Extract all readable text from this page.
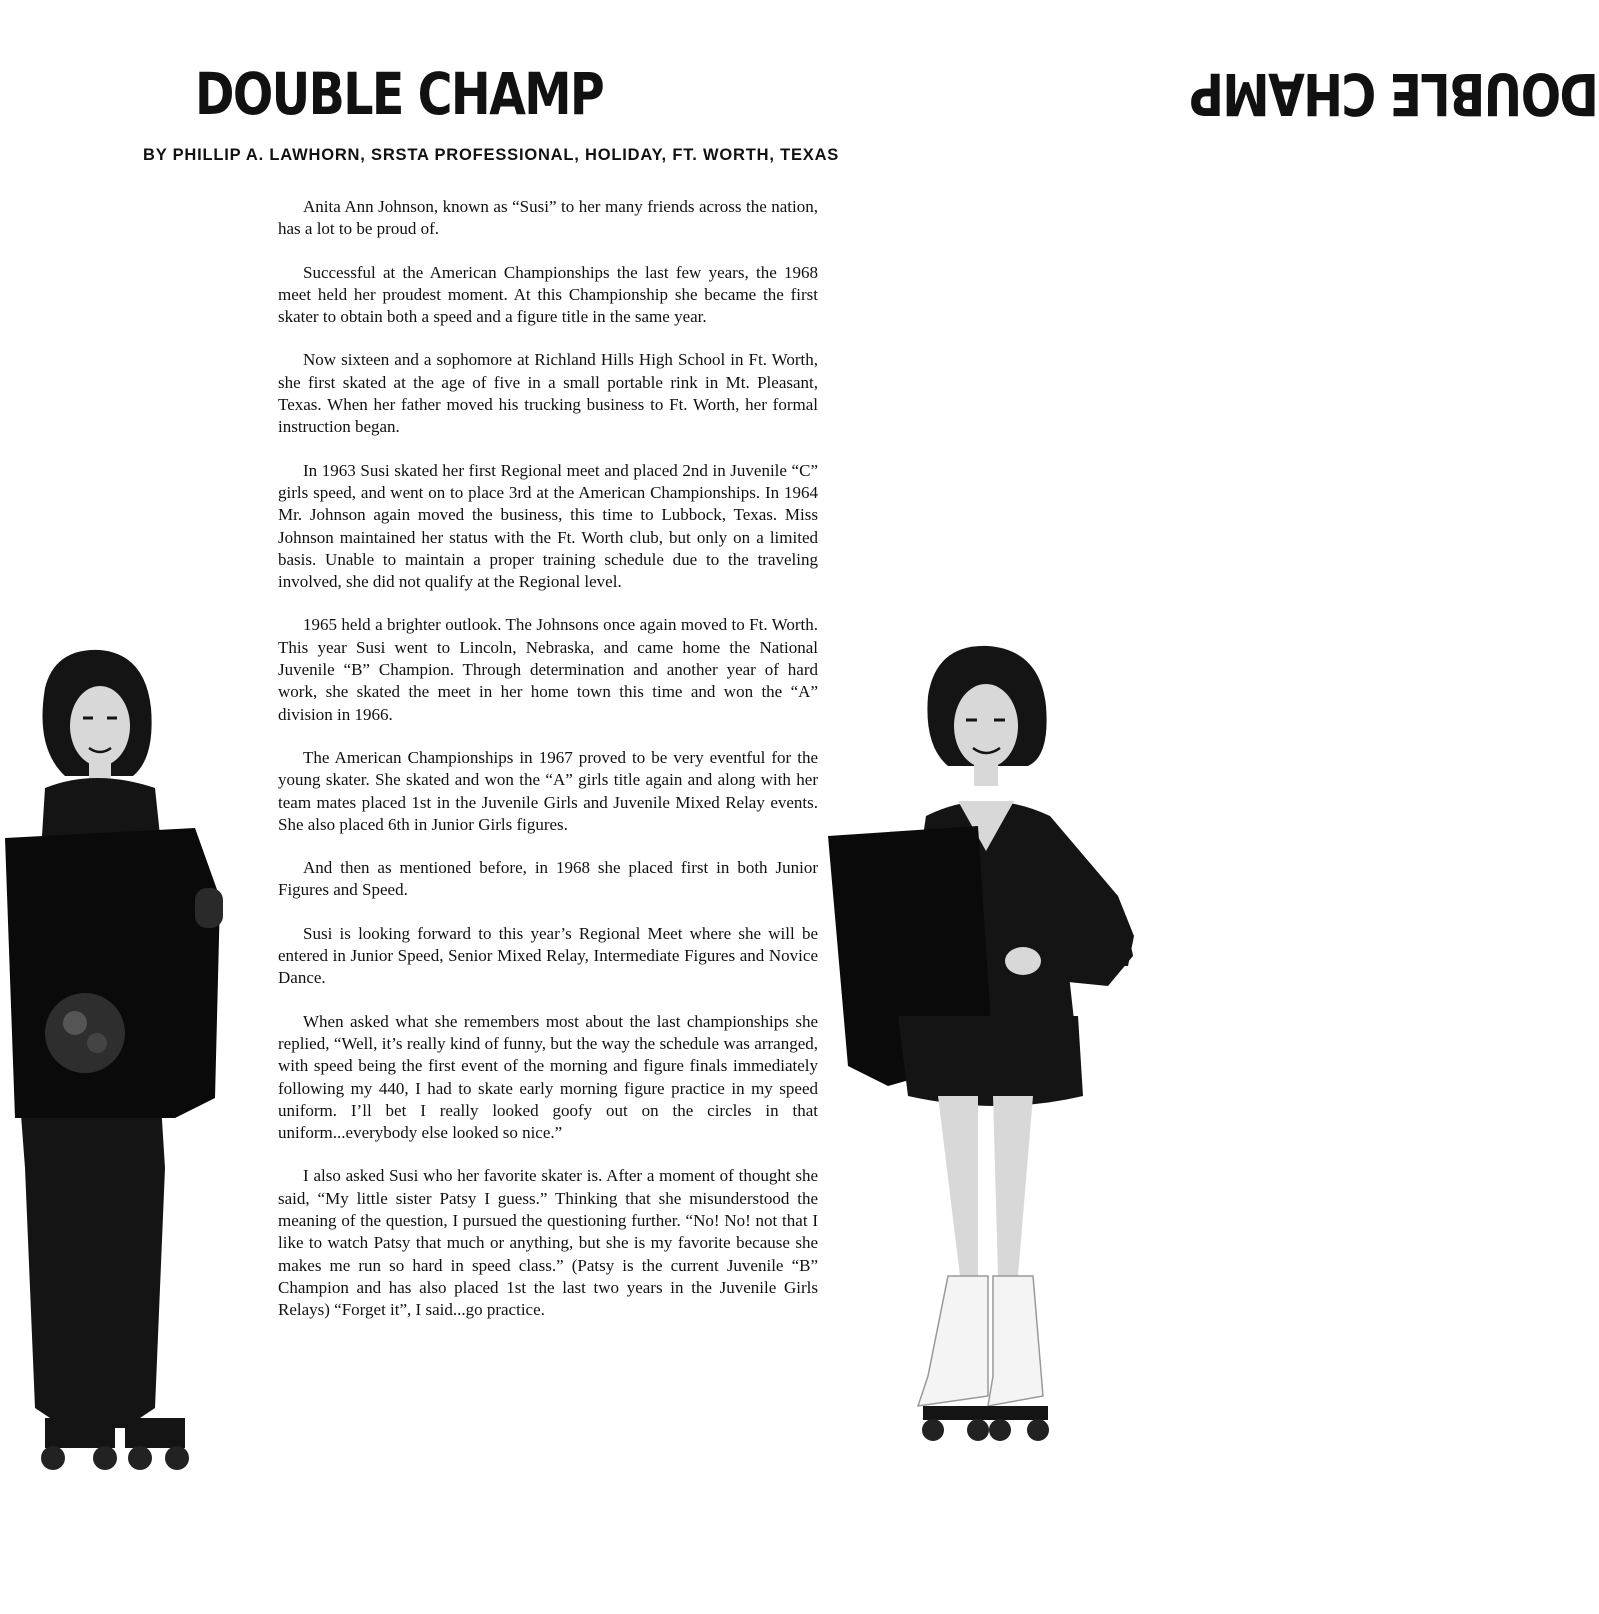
DOUBLE CHAMP	DOUBLE CHAMP
BY PHILLIP A. LAWHORN, SRSTA PROFESSIONAL, HOLIDAY, FT. WORTH, TEXAS

Anita Ann Johnson, known as “Susi” to her many friends across the nation, has a lot to be proud of.

Successful at the American Championships the last few years, the 1968 meet held her proudest moment. At this Championship she became the first skater to obtain both a speed and a figure title in the same year.

Now sixteen and a sophomore at Richland Hills High School in Ft. Worth, she first skated at the age of five in a small portable rink in Mt. Pleasant, Texas. When her father moved his trucking business to Ft. Worth, her formal instruction began.

In 1963 Susi skated her first Regional meet and placed 2nd in Juvenile “C” girls speed, and went on to place 3rd at the American Championships. In 1964 Mr. Johnson again moved the business, this time to Lubbock, Texas. Miss Johnson maintained her status with the Ft. Worth club, but only on a limited basis. Unable to maintain a proper training schedule due to the traveling involved, she did not qualify at the Regional level.

1965 held a brighter outlook. The Johnsons once again moved to Ft. Worth. This year Susi went to Lincoln, Nebraska, and came home the National Juvenile “B” Champion. Through determination and another year of hard work, she skated the meet in her home town this time and won the “A” division in 1966.

The American Championships in 1967 proved to be very eventful for the young skater. She skated and won the “A” girls title again and along with her team mates placed 1st in the Juvenile Girls and Juvenile Mixed Relay events. She also placed 6th in Junior Girls figures.

And then as mentioned before, in 1968 she placed first in both Junior Figures and Speed.

Susi is looking forward to this year’s Regional Meet where she will be entered in Junior Speed, Senior Mixed Relay, Intermediate Figures and Novice Dance.

When asked what she remembers most about the last championships she replied, “Well, it’s really kind of funny, but the way the schedule was arranged, with speed being the first event of the morning and figure finals immediately following my 440, I had to skate early morning figure practice in my speed uniform. I’ll bet I really looked goofy out on the circles in that uniform...everybody else looked so nice.”

I also asked Susi who her favorite skater is. After a moment of thought she said, “My little sister Patsy I guess.” Thinking that she misunderstood the meaning of the question, I pursued the questioning further. “No! No! not that I like to watch Patsy that much or anything, but she is my favorite because she makes me run so hard in speed class.” (Patsy is the current Juvenile “B” Champion and has also placed 1st the last two years in the Juvenile Girls Relays) “Forget it”, I said...go practice.
